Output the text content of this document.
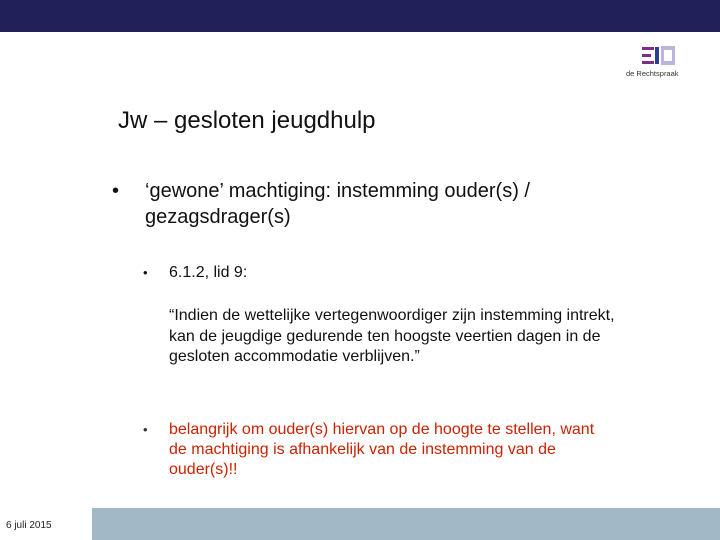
de Rechtspraak
Jw – gesloten jeugdhulp
• ‘gewone’ machtiging: instemming ouder(s) / gezagsdrager(s)
• 6.1.2, lid 9:
“Indien de wettelijke vertegenwoordiger zijn instemming intrekt, kan de jeugdige gedurende ten hoogste veertien dagen in de gesloten accommodatie verblijven.”
• belangrijk om ouder(s) hiervan op de hoogte te stellen, want de machtiging is afhankelijk van de instemming van de ouder(s)!!
6 juli 2015
